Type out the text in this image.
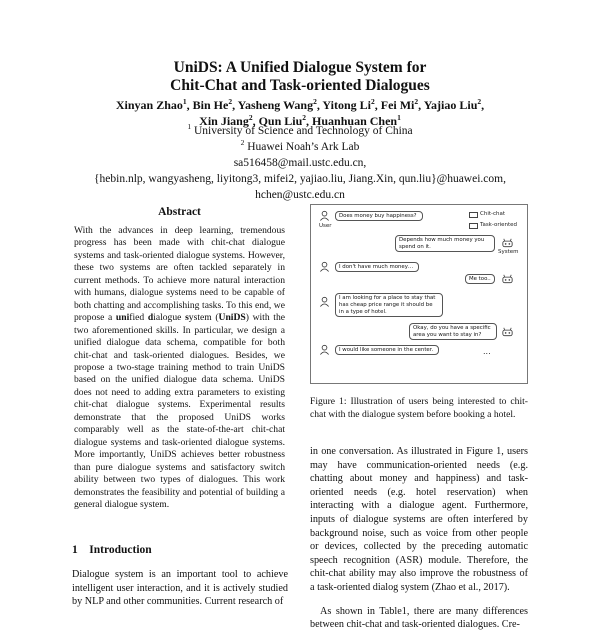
UniDS: A Unified Dialogue System for
Chit-Chat and Task-oriented Dialogues
Xinyan Zhao$^1$, Bin He$^2$, Yasheng Wang$^2$, Yitong Li$^2$, Fei Mi$^2$, Yajiao Liu$^2$,
Xin Jiang$^2$, Qun Liu$^2$, Huanhuan Chen$^1$
$^1$ University of Science and Technology of China
$^2$ Huawei Noah’s Ark Lab
sa516458@mail.ustc.edu.cn,
{hebin.nlp, wangyasheng, liyitong3, mifei2, yajiao.liu, Jiang.Xin, qun.liu}@huawei.com,
hchen@ustc.edu.cn
Abstract
With the advances in deep learning, tremendous progress has been made with chit-chat dialogue systems and task-oriented dialogue systems. However, these two systems are often tackled separately in current methods. To achieve more natural interaction with humans, dialogue systems need to be capable of both chatting and accomplishing tasks. To this end, we propose a unified dialogue system (UniDS) with the two aforementioned skills. In particular, we design a unified dialogue data schema, compatible for both chit-chat and task-oriented dialogues. Besides, we propose a two-stage training method to train UniDS based on the unified dialogue data schema. UniDS does not need to adding extra parameters to existing chit-chat dialogue systems. Experimental results demonstrate that the proposed UniDS works comparably well as the state-of-the-art chit-chat dialogue systems and task-oriented dialogue systems. More importantly, UniDS achieves better robustness than pure dialogue systems and satisfactory switch ability between two types of dialogues. This work demonstrates the feasibility and potential of building a general dialogue system.
1 Introduction
Dialogue system is an important tool to achieve intelligent user interaction, and it is actively studied by NLP and other communities. Current research of
Chit-chat
Task-oriented
User
Does money buy happiness?
Depends how much money you spend on it.
System
I don't have much money…
Me too..
I am looking for a place to stay that has cheap price range it should be in a type of hotel.
Okay, do you have a specific area you want to stay in?
I would like someone in the center.	...
Figure 1: Illustration of users being interested to chit-chat with the dialogue system before booking a hotel.
in one conversation. As illustrated in Figure 1, users may have communication-oriented needs (e.g. chatting about money and happiness) and task-oriented needs (e.g. hotel reservation) when interacting with a dialogue agent. Furthermore, inputs of dialogue systems are often interfered by background noise, such as voice from other people or devices, collected by the preceding automatic speech recognition (ASR) module. Therefore, the chit-chat ability may also improve the robustness of a task-oriented dialog system (Zhao et al., 2017).
As shown in Table1, there are many differences between chit-chat and task-oriented dialogues. Cre-
